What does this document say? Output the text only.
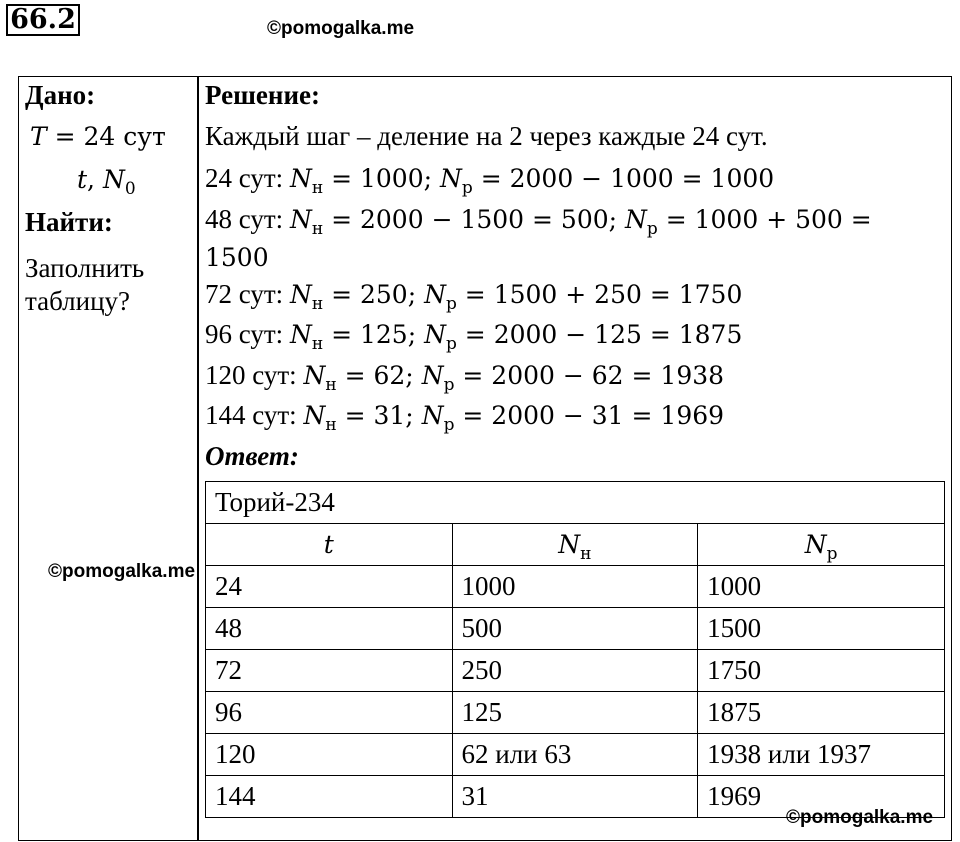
66.2	©pomogalka.me
Дано:
T = 24 сут
t, $N_0$
Найти:
Заполнить
таблицу?
Решение:
Каждый шаг – деление на 2 через каждые 24 сут.
24 сут: $N_н = 1000$; $N_р = 2000 - 1000 = 1000$
48 сут: $N_н = 2000 - 1500 = 500$; $N_р = 1000 + 500$ =
1500
72 сут: $N_н = 250$; $N_р = 1500 + 250 = 1750$
96 сут: $N_н = 125$; $N_р = 2000 - 125 = 1875$
120 сут: $N_н = 62$; $N_р = 2000 - 62 = 1938$
144 сут: $N_н = 31$; $N_р = 2000 - 31 = 1969$
Ответ:
Торий-234		
t	$N_н$	$N_р$
24	1000	1000
48	500	1500
72	250	1750
96	125	1875
120	62 или 63	1938 или 1937
144	31	1969
©pomogalka.me
©pomogalka.me
